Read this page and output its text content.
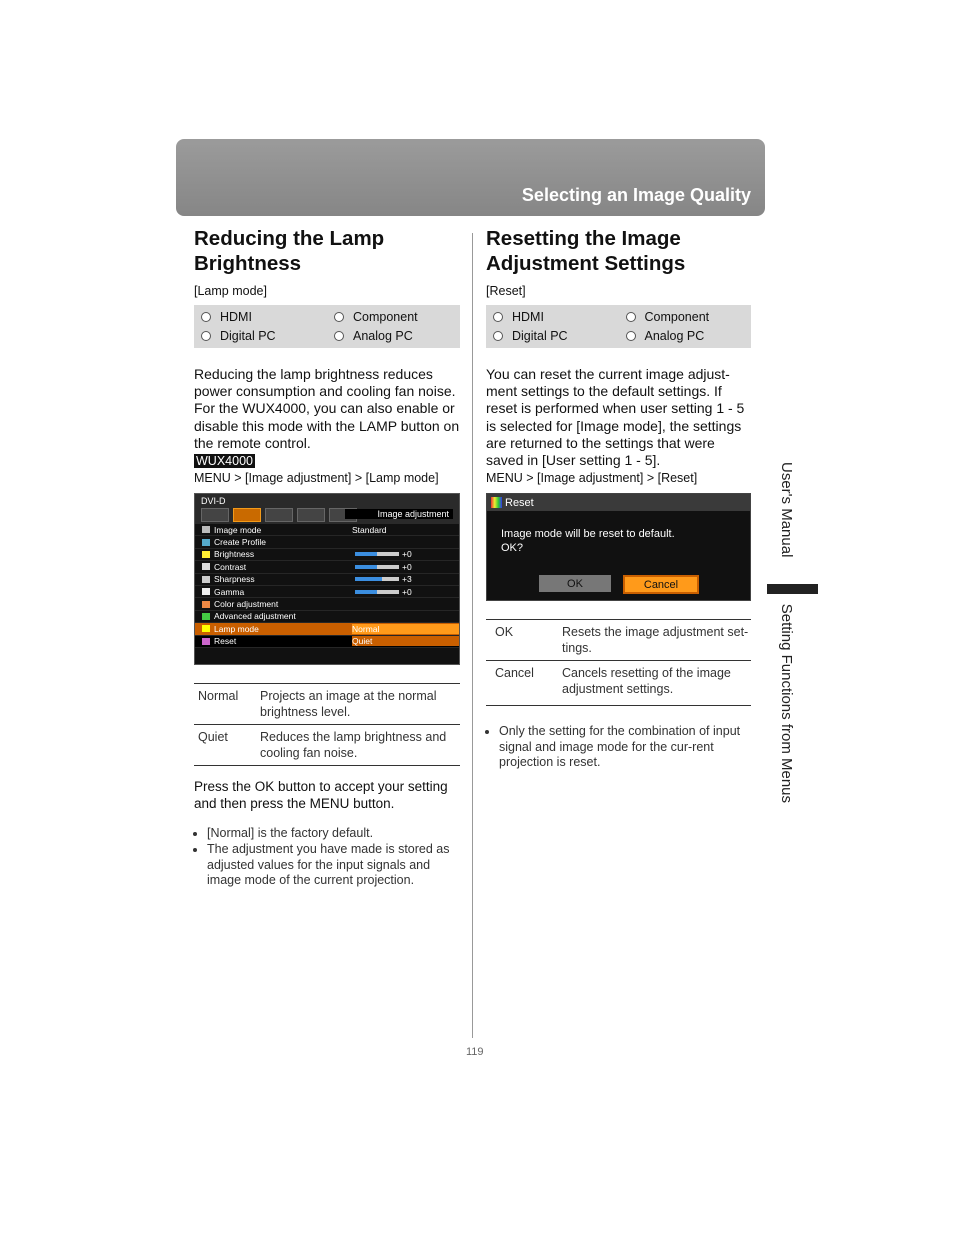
Selecting an Image Quality
Reducing the Lamp
Brightness
[Lamp mode]
HDMI	Component
Digital PC	Analog PC

Reducing the lamp brightness reduces power consumption and cooling fan noise. For the WUX4000, you can also enable or disable this mode with the LAMP button on the remote control.

WUX4000
MENU > [Image adjustment] > [Lamp mode]
DVI-D
Image adjustment
Image mode	Standard
Create Profile
Brightness	+0
Contrast	+0
Sharpness	+3
Gamma	+0
Color adjustment
Advanced adjustment
Lamp mode	Normal
Reset	Quiet
Normal	Projects an image at the normal brightness level.
Quiet	Reduces the lamp brightness and cooling fan noise.

Press the OK button to accept your setting and then press the MENU button.

• [Normal] is the factory default.
• The adjustment you have made is stored as adjusted values for the input signals and image mode of the current projection.
Resetting the Image
Adjustment Settings
[Reset]
HDMI	Component
Digital PC	Analog PC

You can reset the current image adjust-ment settings to the default settings. If reset is performed when user setting 1 - 5 is selected for [Image mode], the settings are returned to the settings that were saved in [User setting 1 - 5].

MENU > [Image adjustment] > [Reset]
Reset
Image mode will be reset to default.
OK?
OK	Cancel
OK	Resets the image adjustment set-tings.
Cancel	Cancels resetting of the image adjustment settings.
• Only the setting for the combination of input signal and image mode for the cur-rent projection is reset.
User's Manual  Setting Functions from Menus
119
